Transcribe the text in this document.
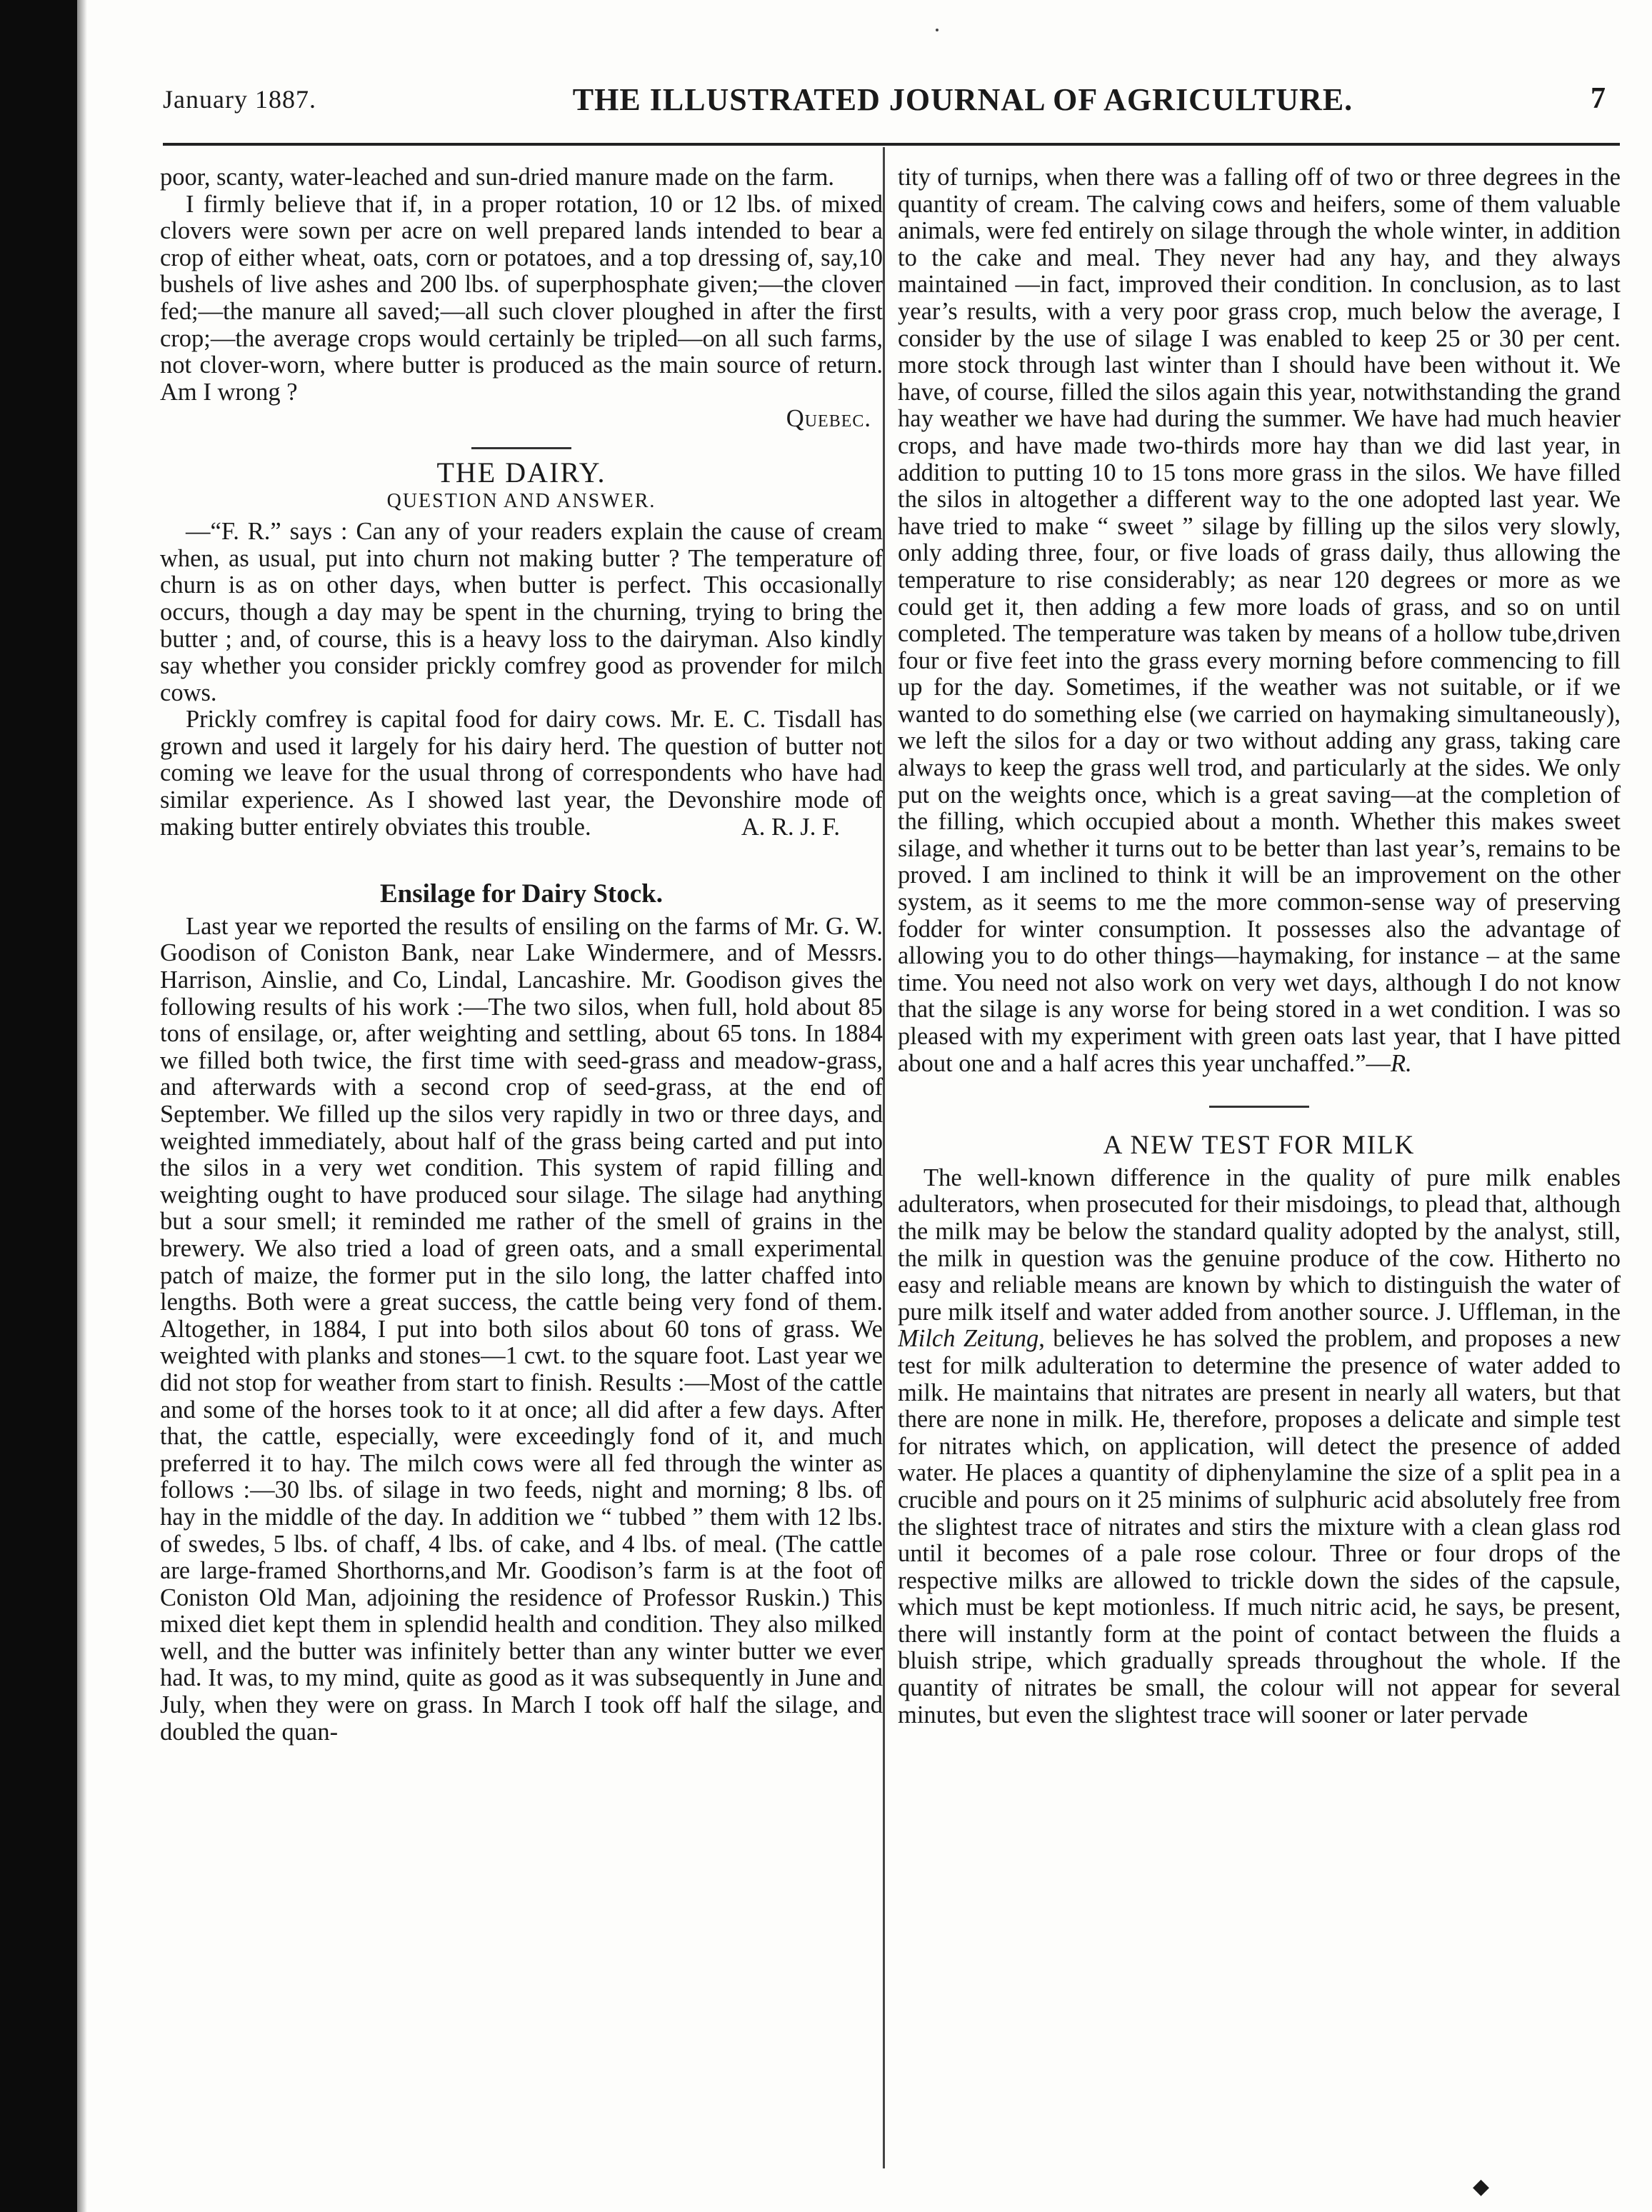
January 1887.	THE ILLUSTRATED JOURNAL OF AGRICULTURE.	7

poor, scanty, water-leached and sun-dried manure made on the farm.

I firmly believe that if, in a proper rotation, 10 or 12 lbs. of mixed clovers were sown per acre on well prepared lands intended to bear a crop of either wheat, oats, corn or potatoes, and a top dressing of, say,10 bushels of live ashes and 200 lbs. of superphosphate given;—the clover fed;—the manure all saved;—all such clover ploughed in after the first crop;—the average crops would certainly be tripled—on all such farms, not clover-worn, where butter is produced as the main source of return. Am I wrong ?

Quebec.

THE DAIRY.
QUESTION AND ANSWER.

—“F. R.” says : Can any of your readers explain the cause of cream when, as usual, put into churn not making butter ? The temperature of churn is as on other days, when butter is perfect. This occasionally occurs, though a day may be spent in the churning, trying to bring the butter ; and, of course, this is a heavy loss to the dairyman. Also kindly say whether you consider prickly comfrey good as provender for milch cows.

Prickly comfrey is capital food for dairy cows. Mr. E. C. Tisdall has grown and used it largely for his dairy herd. The question of butter not coming we leave for the usual throng of correspondents who have had similar experience. As I showed last year, the Devonshire mode of making butter entirely obviates this trouble.	A. R. J. F.

Ensilage for Dairy Stock.

Last year we reported the results of ensiling on the farms of Mr. G. W. Goodison of Coniston Bank, near Lake Windermere, and of Messrs. Harrison, Ainslie, and Co, Lindal, Lancashire. Mr. Goodison gives the following results of his work :—The two silos, when full, hold about 85 tons of ensilage, or, after weighting and settling, about 65 tons. In 1884 we filled both twice, the first time with seed-grass and meadow-grass, and afterwards with a second crop of seed-grass, at the end of September. We filled up the silos very rapidly in two or three days, and weighted immediately, about half of the grass being carted and put into the silos in a very wet condition. This system of rapid filling and weighting ought to have produced sour silage. The silage had anything but a sour smell; it reminded me rather of the smell of grains in the brewery. We also tried a load of green oats, and a small experimental patch of maize, the former put in the silo long, the latter chaffed into lengths. Both were a great success, the cattle being very fond of them. Altogether, in 1884, I put into both silos about 60 tons of grass. We weighted with planks and stones—1 cwt. to the square foot. Last year we did not stop for weather from start to finish. Results :—Most of the cattle and some of the horses took to it at once; all did after a few days. After that, the cattle, especially, were exceedingly fond of it, and much preferred it to hay. The milch cows were all fed through the winter as follows :—30 lbs. of silage in two feeds, night and morning; 8 lbs. of hay in the middle of the day. In addition we “ tubbed ” them with 12 lbs. of swedes, 5 lbs. of chaff, 4 lbs. of cake, and 4 lbs. of meal. (The cattle are large-framed Shorthorns,and Mr. Goodison’s farm is at the foot of Coniston Old Man, adjoining the residence of Professor Ruskin.) This mixed diet kept them in splendid health and condition. They also milked well, and the butter was infinitely better than any winter butter we ever had. It was, to my mind, quite as good as it was subsequently in June and July, when they were on grass. In March I took off half the silage, and doubled the quan-

tity of turnips, when there was a falling off of two or three degrees in the quantity of cream. The calving cows and heifers, some of them valuable animals, were fed entirely on silage through the whole winter, in addition to the cake and meal. They never had any hay, and they always maintained —in fact, improved their condition. In conclusion, as to last year’s results, with a very poor grass crop, much below the average, I consider by the use of silage I was enabled to keep 25 or 30 per cent. more stock through last winter than I should have been without it. We have, of course, filled the silos again this year, notwithstanding the grand hay weather we have had during the summer. We have had much heavier crops, and have made two-thirds more hay than we did last year, in addition to putting 10 to 15 tons more grass in the silos. We have filled the silos in altogether a different way to the one adopted last year. We have tried to make “ sweet ” silage by filling up the silos very slowly, only adding three, four, or five loads of grass daily, thus allowing the temperature to rise considerably; as near 120 degrees or more as we could get it, then adding a few more loads of grass, and so on until completed. The temperature was taken by means of a hollow tube,driven four or five feet into the grass every morning before commencing to fill up for the day. Sometimes, if the weather was not suitable, or if we wanted to do something else (we carried on haymaking simultaneously), we left the silos for a day or two without adding any grass, taking care always to keep the grass well trod, and particularly at the sides. We only put on the weights once, which is a great saving—at the completion of the filling, which occupied about a month. Whether this makes sweet silage, and whether it turns out to be better than last year’s, remains to be proved. I am inclined to think it will be an improvement on the other system, as it seems to me the more common-sense way of preserving fodder for winter consumption. It possesses also the advantage of allowing you to do other things—haymaking, for instance – at the same time. You need not also work on very wet days, although I do not know that the silage is any worse for being stored in a wet condition. I was so pleased with my experiment with green oats last year, that I have pitted about one and a half acres this year unchaffed.”—R.

A NEW TEST FOR MILK

The well-known difference in the quality of pure milk enables adulterators, when prosecuted for their misdoings, to plead that, although the milk may be below the standard quality adopted by the analyst, still, the milk in question was the genuine produce of the cow. Hitherto no easy and reliable means are known by which to distinguish the water of pure milk itself and water added from another source. J. Uffleman, in the Milch Zeitung, believes he has solved the problem, and proposes a new test for milk adulteration to determine the presence of water added to milk. He maintains that nitrates are present in nearly all waters, but that there are none in milk. He, therefore, proposes a delicate and simple test for nitrates which, on application, will detect the presence of added water. He places a quantity of diphenylamine the size of a split pea in a crucible and pours on it 25 minims of sulphuric acid absolutely free from the slightest trace of nitrates and stirs the mixture with a clean glass rod until it becomes of a pale rose colour. Three or four drops of the respective milks are allowed to trickle down the sides of the capsule, which must be kept motionless. If much nitric acid, he says, be present, there will instantly form at the point of contact between the fluids a bluish stripe, which gradually spreads throughout the whole. If the quantity of nitrates be small, the colour will not appear for several minutes, but even the slightest trace will sooner or later pervade

◆
